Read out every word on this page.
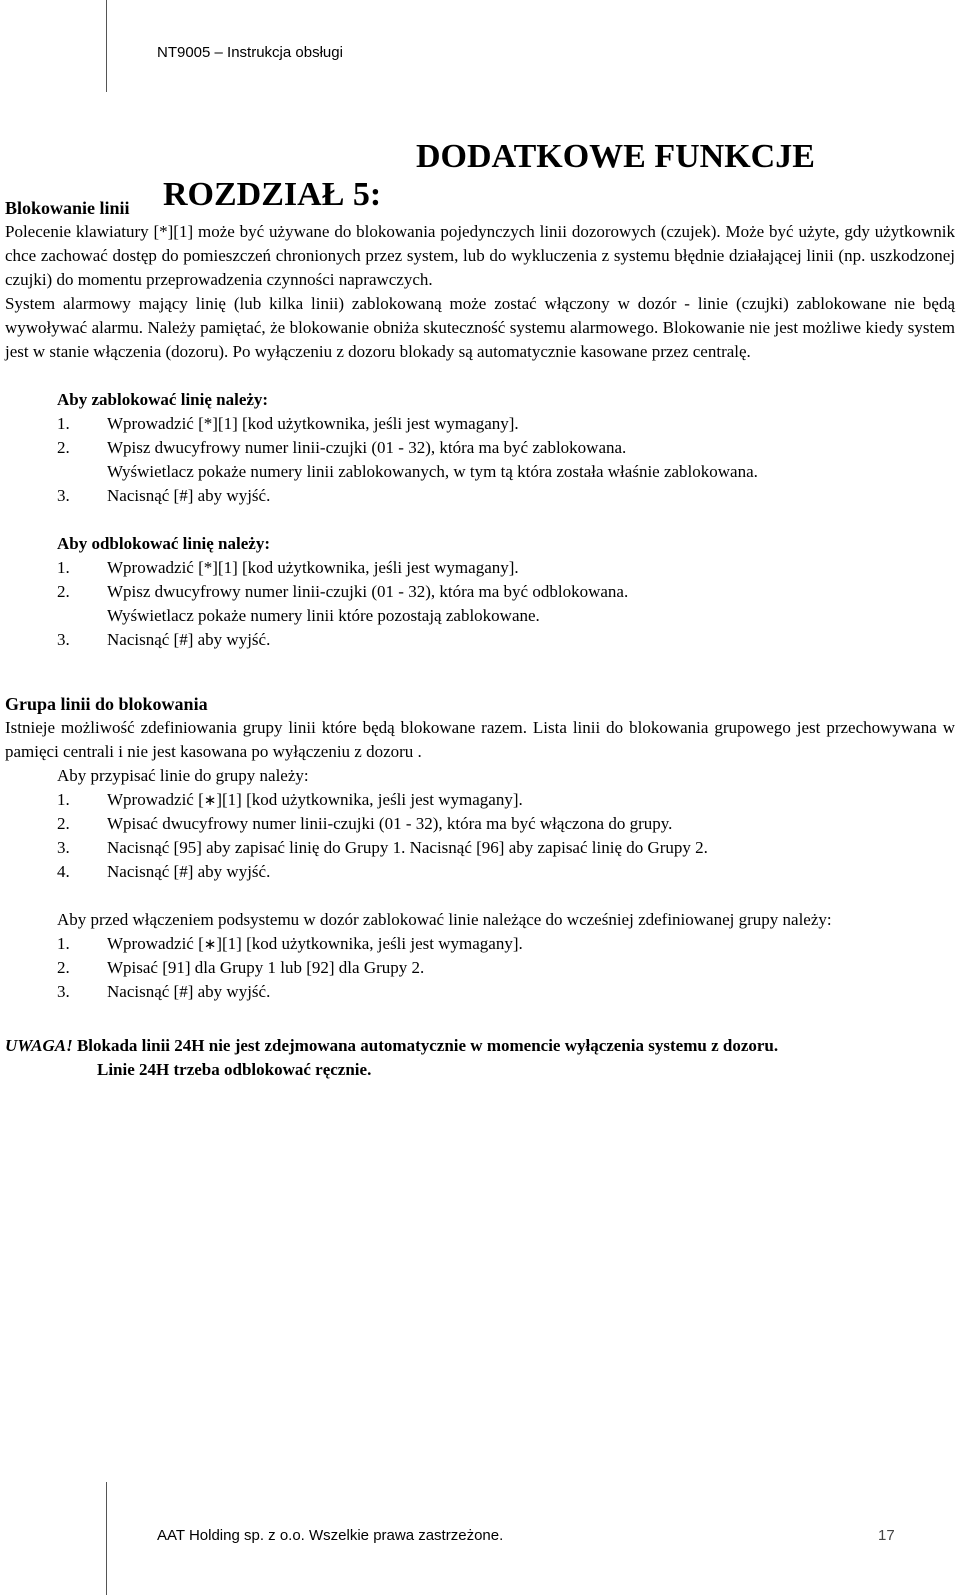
NT9005 – Instrukcja obsługi

ROZDZIAŁ 5:

DODATKOWE FUNKCJE

Blokowanie linii

Polecenie klawiatury [*][1] może być używane do blokowania pojedynczych linii dozorowych (czujek). Może być użyte, gdy użytkownik chce zachować dostęp do pomieszczeń chronionych przez system, lub do wykluczenia z systemu błędnie działającej linii (np. uszkodzonej czujki) do momentu przeprowadzenia czynności naprawczych.

System alarmowy mający linię (lub kilka linii) zablokowaną może zostać włączony w dozór - linie (czujki) zablokowane nie będą wywoływać alarmu. Należy pamiętać, że blokowanie obniża skuteczność systemu alarmowego. Blokowanie nie jest możliwe kiedy system jest w stanie włączenia (dozoru). Po wyłączeniu z dozoru blokady są automatycznie kasowane przez centralę.

Aby zablokować linię należy:

1. Wprowadzić [*][1] [kod użytkownika, jeśli jest wymagany].
2. Wpisz dwucyfrowy numer linii-czujki (01 - 32), która ma być zablokowana.

Wyświetlacz pokaże numery linii zablokowanych, w tym tą która została właśnie zablokowana.

3. Nacisnąć [#] aby wyjść.

Aby odblokować linię należy:

1. Wprowadzić [*][1] [kod użytkownika, jeśli jest wymagany].
2. Wpisz dwucyfrowy numer linii-czujki (01 - 32), która ma być odblokowana.

Wyświetlacz pokaże numery linii które pozostają zablokowane.

3. Nacisnąć [#] aby wyjść.
Grupa linii do blokowania

Istnieje możliwość zdefiniowania grupy linii które będą blokowane razem. Lista linii do blokowania grupowego jest przechowywana w pamięci centrali i nie jest kasowana po wyłączeniu z dozoru .

Aby przypisać linie do grupy należy:

1. Wprowadzić [∗][1] [kod użytkownika, jeśli jest wymagany].
2. Wpisać dwucyfrowy numer linii-czujki (01 - 32), która ma być włączona do grupy.
3. Nacisnąć [95] aby zapisać linię do Grupy 1. Nacisnąć [96] aby zapisać linię do Grupy 2.
4. Nacisnąć [#] aby wyjść.

Aby przed włączeniem podsystemu w dozór zablokować linie należące do wcześniej zdefiniowanej grupy należy:

1. Wprowadzić [∗][1] [kod użytkownika, jeśli jest wymagany].
2. Wpisać [91] dla Grupy 1 lub [92] dla Grupy 2.
3. Nacisnąć [#] aby wyjść.
UWAGA! Blokada linii 24H nie jest zdejmowana automatycznie w momencie wyłączenia systemu z dozoru.
Linie 24H trzeba odblokować ręcznie.
AAT Holding sp. z o.o. Wszelkie prawa zastrzeżone.	17
